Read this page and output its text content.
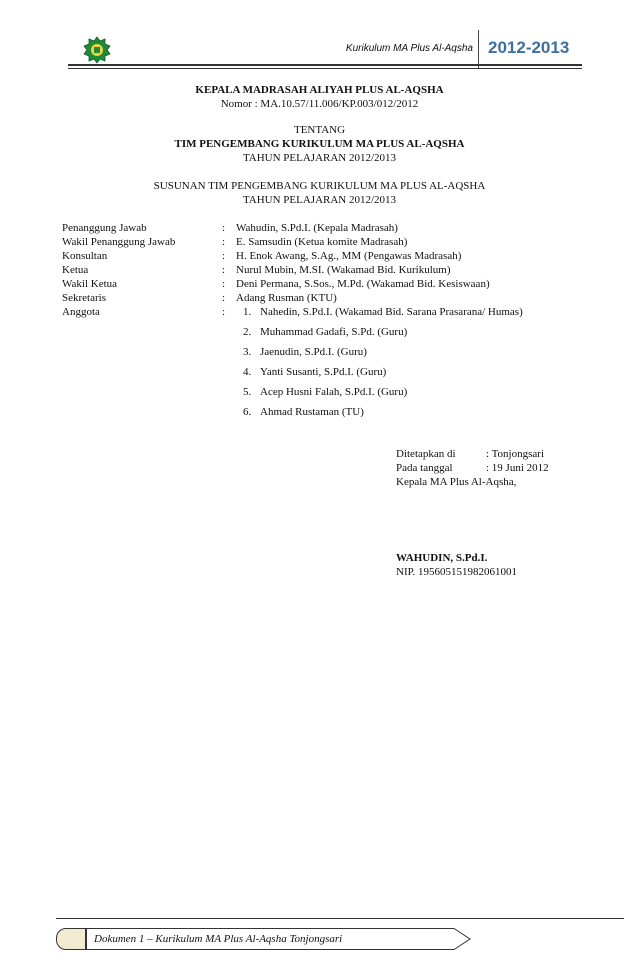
Kurikulum MA Plus Al-Aqsha 2012-2013
KEPALA MADRASAH ALIYAH PLUS AL-AQSHA
Nomor : MA.10.57/11.006/KP.003/012/2012
TENTANG
TIM PENGEMBANG KURIKULUM MA PLUS AL-AQSHA
TAHUN PELAJARAN 2012/2013
SUSUNAN TIM PENGEMBANG KURIKULUM MA PLUS AL-AQSHA
TAHUN PELAJARAN 2012/2013
Penanggung Jawab	: Wahudin, S.Pd.I. (Kepala Madrasah)
Wakil Penanggung Jawab	: E. Samsudin (Ketua komite Madrasah)
Konsultan	: H. Enok Awang, S.Ag., MM (Pengawas Madrasah)
Ketua	: Nurul Mubin, M.SI. (Wakamad Bid. Kurikulum)
Wakil Ketua	: Deni Permana, S.Sos., M.Pd. (Wakamad Bid. Kesiswaan)
Sekretaris	: Adang Rusman (KTU)
Anggota	: 1. Nahedin, S.Pd.I. (Wakamad Bid. Sarana Prasarana/ Humas)
2. Muhammad Gadafi, S.Pd. (Guru)
3. Jaenudin, S.Pd.I. (Guru)
4. Yanti Susanti, S.Pd.I. (Guru)
5. Acep Husni Falah, S.Pd.I. (Guru)
6. Ahmad Rustaman (TU)
Ditetapkan di	: Tonjongsari
Pada tanggal	: 19 Juni 2012
Kepala MA Plus Al-Aqsha,
WAHUDIN, S.Pd.I.
NIP. 195605151982061001
Dokumen 1 – Kurikulum MA Plus Al-Aqsha Tonjongsari
